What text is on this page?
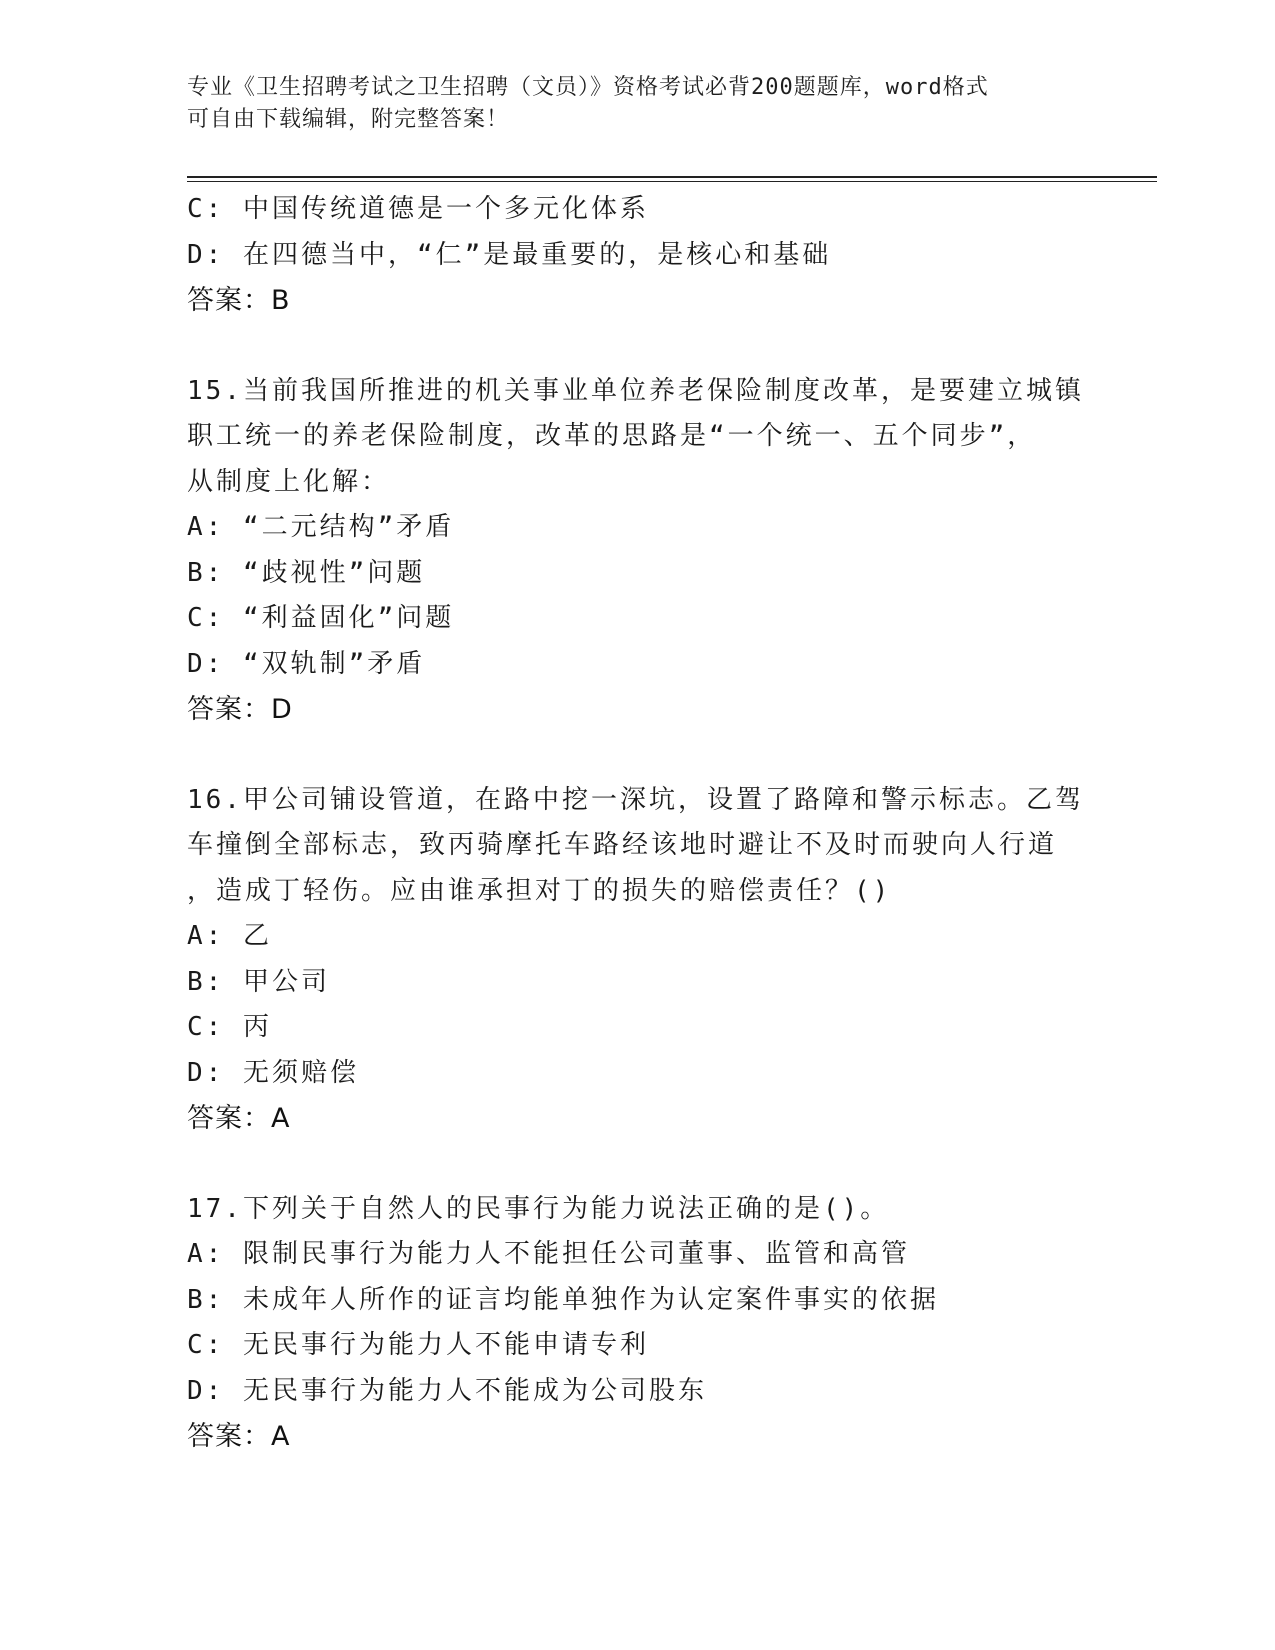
专业《卫生招聘考试之卫生招聘（文员）》资格考试必背200题题库，word格式
可自由下载编辑，附完整答案！
C: 中国传统道德是一个多元化体系
D: 在四德当中，“仁”是最重要的，是核心和基础
答案：B
15.当前我国所推进的机关事业单位养老保险制度改革，是要建立城镇
职工统一的养老保险制度，改革的思路是“一个统一、五个同步”，
从制度上化解：
A: “二元结构”矛盾
B: “歧视性”问题
C: “利益固化”问题
D: “双轨制”矛盾
答案：D
16.甲公司铺设管道，在路中挖一深坑，设置了路障和警示标志。乙驾
车撞倒全部标志，致丙骑摩托车路经该地时避让不及时而驶向人行道
，造成丁轻伤。应由谁承担对丁的损失的赔偿责任？()
A: 乙
B: 甲公司
C: 丙
D: 无须赔偿
答案：A
17.下列关于自然人的民事行为能力说法正确的是()。
A: 限制民事行为能力人不能担任公司董事、监管和高管
B: 未成年人所作的证言均能单独作为认定案件事实的依据
C: 无民事行为能力人不能申请专利
D: 无民事行为能力人不能成为公司股东
答案：A
